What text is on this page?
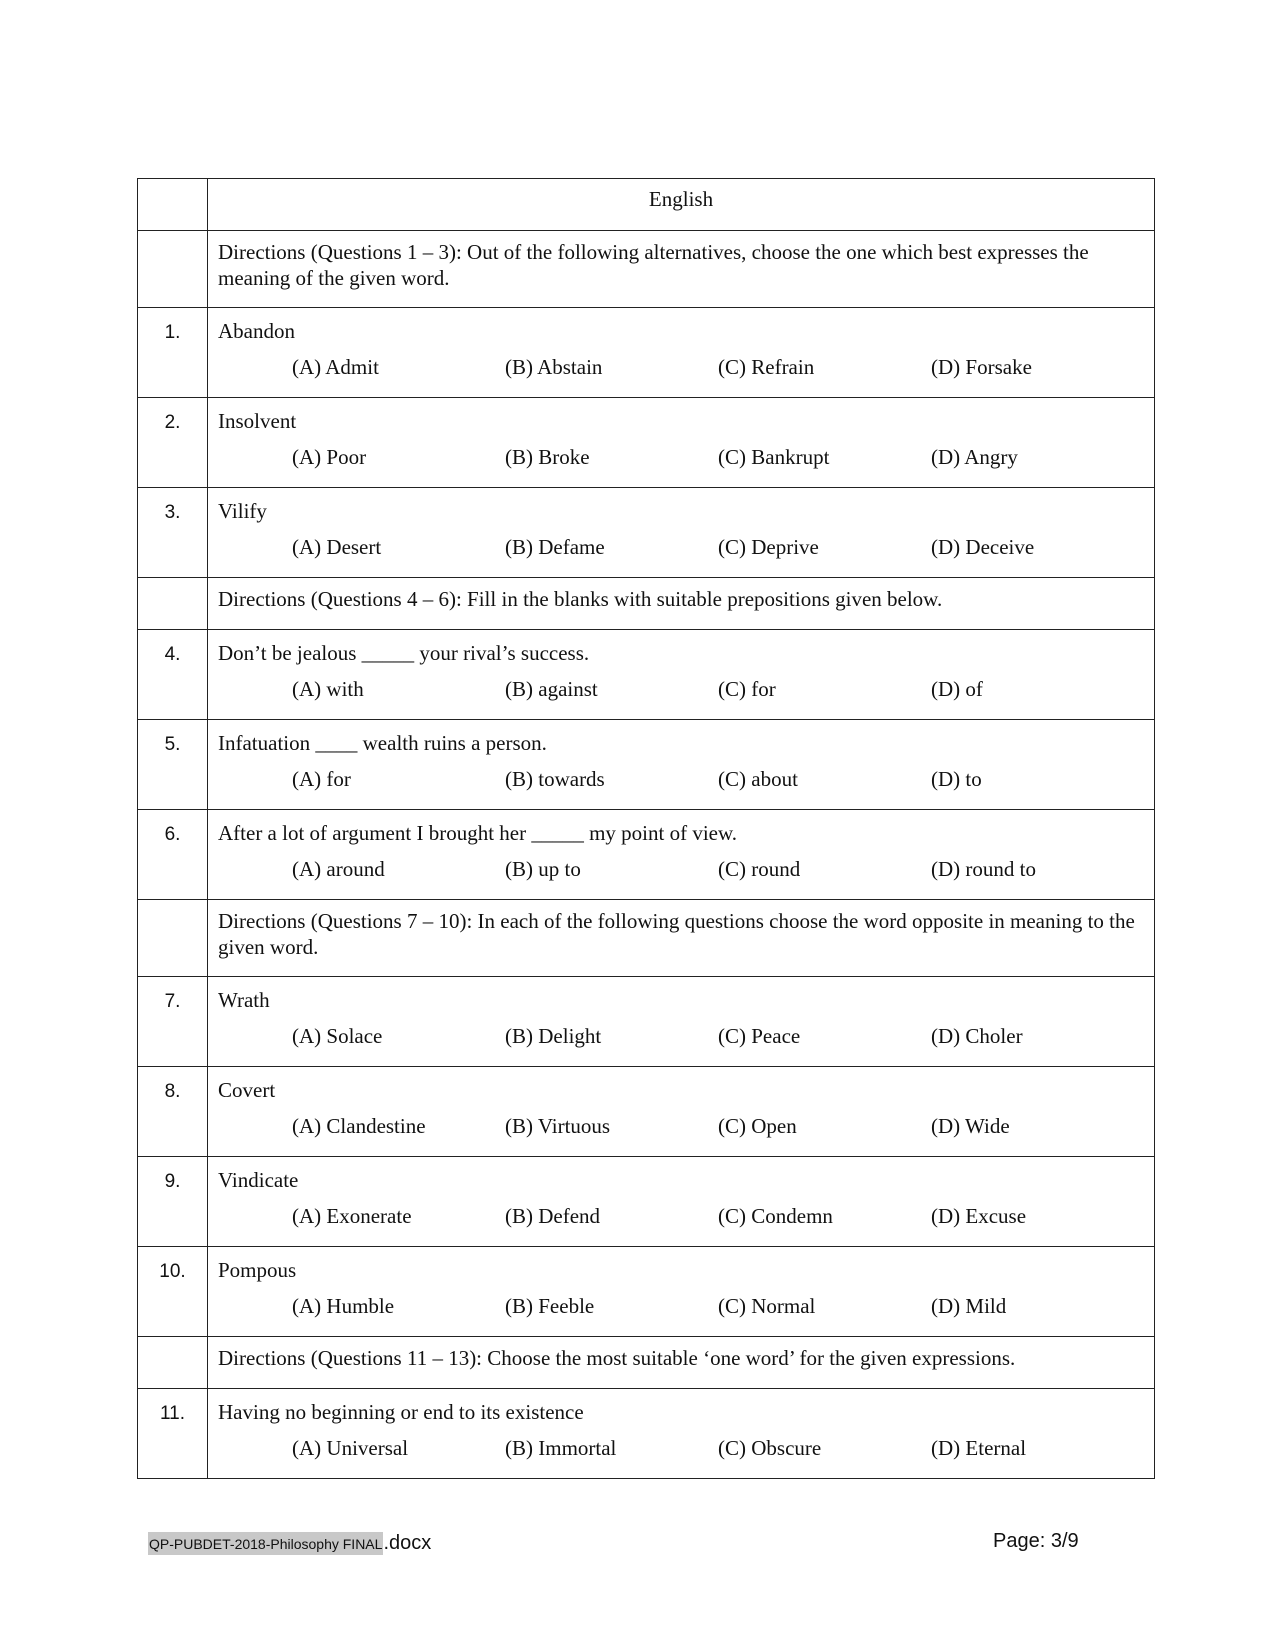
	English
	Directions (Questions 1 – 3): Out of the following alternatives, choose the one which best expresses the meaning of the given word.
1.	Abandon
(A) Admit (B) Abstain (C) Refrain (D) Forsake

2.	Insolvent
(A) Poor (B) Broke (C) Bankrupt (D) Angry

3.	Vilify
(A) Desert (B) Defame (C) Deprive (D) Deceive

	Directions (Questions 4 – 6): Fill in the blanks with suitable prepositions given below.
4.	Don’t be jealous _____ your rival’s success.
(A) with (B) against (C) for (D) of

5.	Infatuation ____ wealth ruins a person.
(A) for (B) towards (C) about (D) to

6.	After a lot of argument I brought her _____ my point of view.
(A) around (B) up to (C) round (D) round to

	Directions (Questions 7 – 10): In each of the following questions choose the word opposite in meaning to the given word.
7.	Wrath
(A) Solace (B) Delight (C) Peace (D) Choler

8.	Covert
(A) Clandestine (B) Virtuous (C) Open (D) Wide

9.	Vindicate
(A) Exonerate (B) Defend (C) Condemn (D) Excuse

10.	Pompous
(A) Humble (B) Feeble (C) Normal (D) Mild

	Directions (Questions 11 – 13): Choose the most suitable ‘one word’ for the given expressions.
11.	Having no beginning or end to its existence
(A) Universal (B) Immortal (C) Obscure (D) Eternal
QP-PUBDET-2018-Philosophy FINAL.docx	Page: 3/9
